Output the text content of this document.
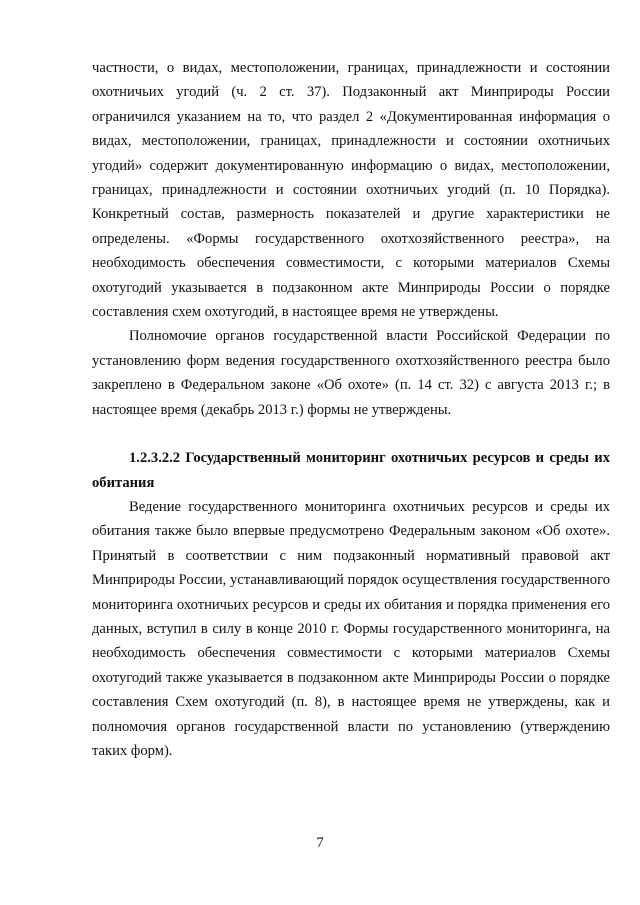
частности, о видах, местоположении, границах, принадлежности и состоянии охотничьих угодий (ч. 2 ст. 37). Подзаконный акт Минприроды России ограничился указанием на то, что раздел 2 «Документированная информация о видах, местоположении, границах, принадлежности и состоянии охотничьих угодий» содержит документированную информацию о видах, местоположении, границах, принадлежности и состоянии охотничьих угодий (п. 10 Порядка). Конкретный состав, размерность показателей и другие характеристики не определены. «Формы государственного охотхозяйственного реестра», на необходимость обеспечения совместимости, с которыми материалов Схемы охотугодий указывается в подзаконном акте Минприроды России о порядке составления схем охотугодий, в настоящее время не утверждены.

Полномочие органов государственной власти Российской Федерации по установлению форм ведения государственного охотхозяйственного реестра было закреплено в Федеральном законе «Об охоте» (п. 14 ст. 32) с августа 2013 г.; в настоящее время (декабрь 2013 г.) формы не утверждены.

1.2.3.2.2 Государственный мониторинг охотничьих ресурсов и среды их обитания

Ведение государственного мониторинга охотничьих ресурсов и среды их обитания также было впервые предусмотрено Федеральным законом «Об охоте». Принятый в соответствии с ним подзаконный нормативный правовой акт Минприроды России, устанавливающий порядок осуществления государственного мониторинга охотничьих ресурсов и среды их обитания и порядка применения его данных, вступил в силу в конце 2010 г. Формы государственного мониторинга, на необходимость обеспечения совместимости с которыми материалов Схемы охотугодий также указывается в подзаконном акте Минприроды России о порядке составления Схем охотугодий (п. 8), в настоящее время не утверждены, как и полномочия органов государственной власти по установлению (утверждению таких форм).

7
